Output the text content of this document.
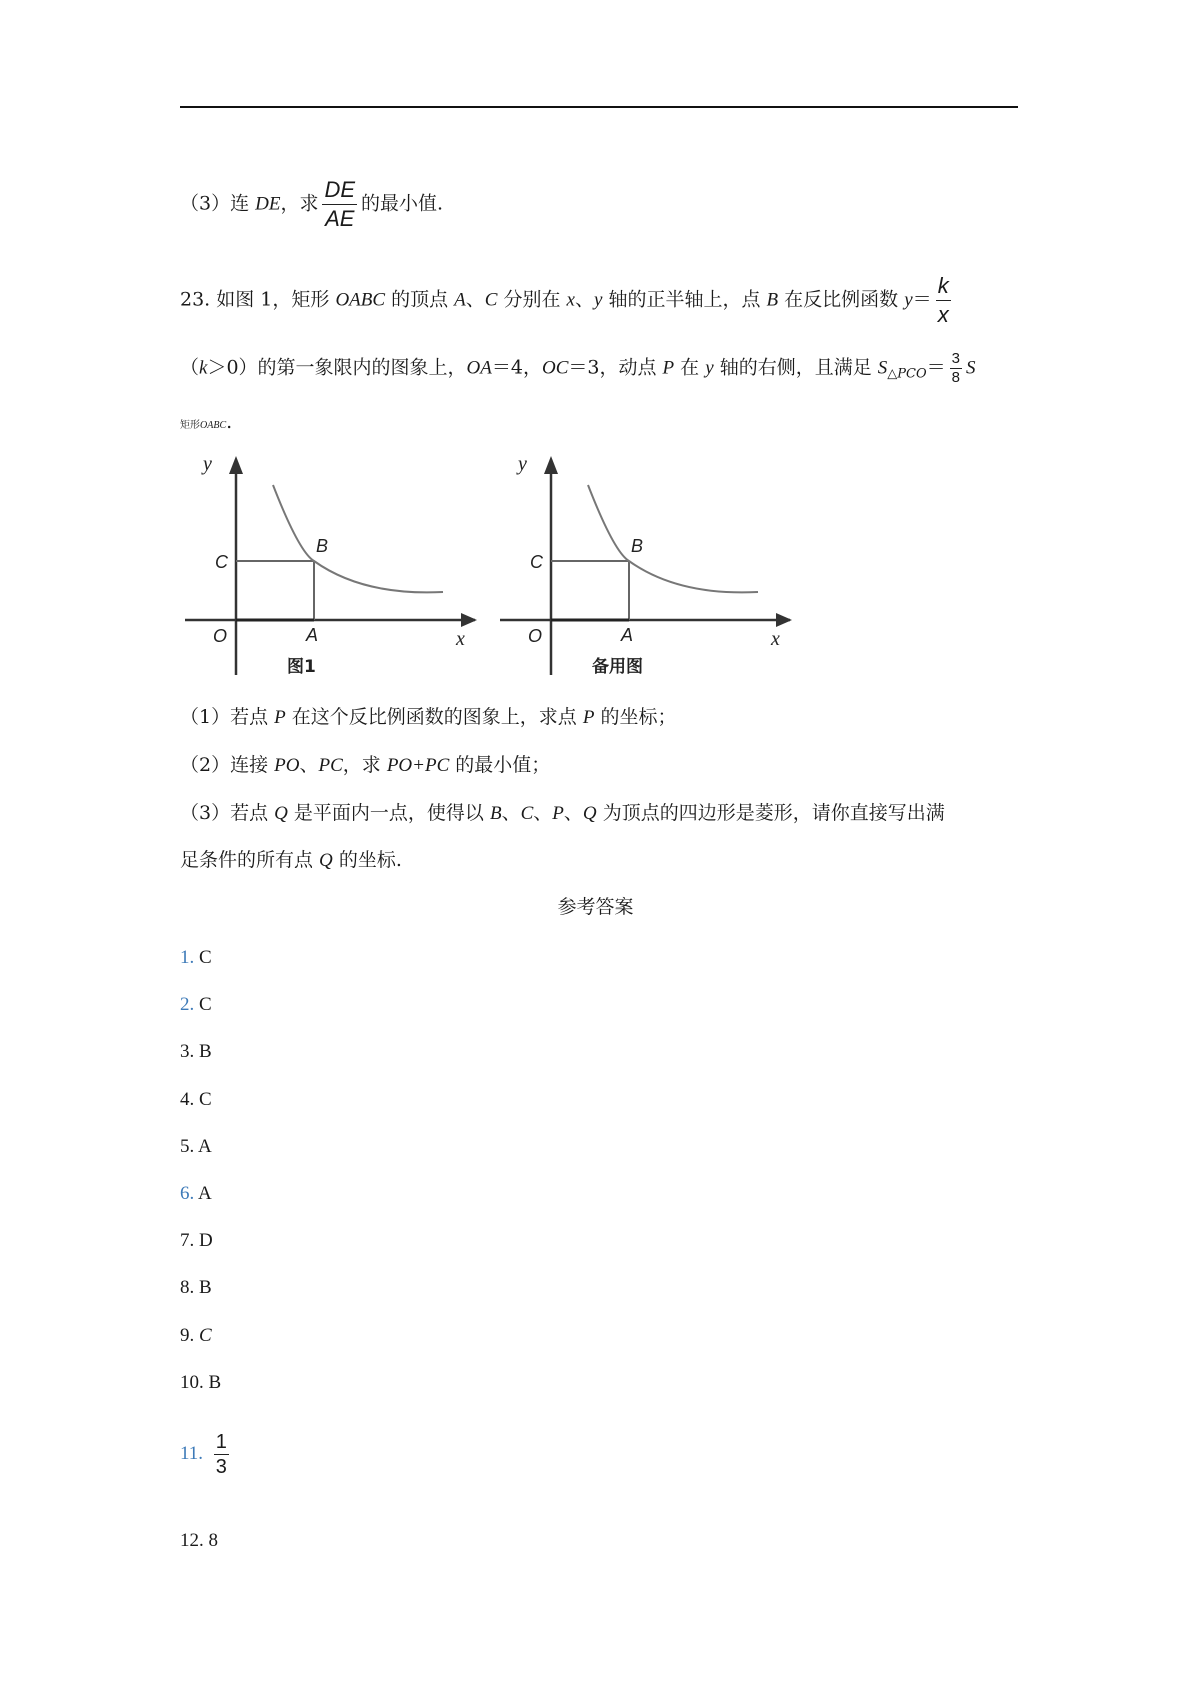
（3）连 DE，求 $\frac{DE}{AE}$ 的最小值.
23. 如图 1，矩形 OABC 的顶点 A、C 分别在 x、y 轴的正半轴上，点 B 在反比例函数 $y= \frac{k}{x}$
（k＞0）的第一象限内的图象上，OA＝4，OC＝3，动点 P 在 y 轴的右侧，且满足 $S_{\triangle PCO}= \frac{3}{8}$ S
矩形OABC.
y
C
B
O	A	x
图1
y
C
B
O	A	x
备用图
（1）若点 P 在这个反比例函数的图象上，求点 P 的坐标；
（2）连接 PO、PC，求 PO+PC 的最小值；
（3）若点 Q 是平面内一点，使得以 B、C、P、Q 为顶点的四边形是菱形，请你直接写出满
足条件的所有点 Q 的坐标.
参考答案
1. C
2. C
3. B
4. C
5. A
6. A
7. D
8. B
9. C
10. B
11. $\frac{1}{3}$
12. 8
